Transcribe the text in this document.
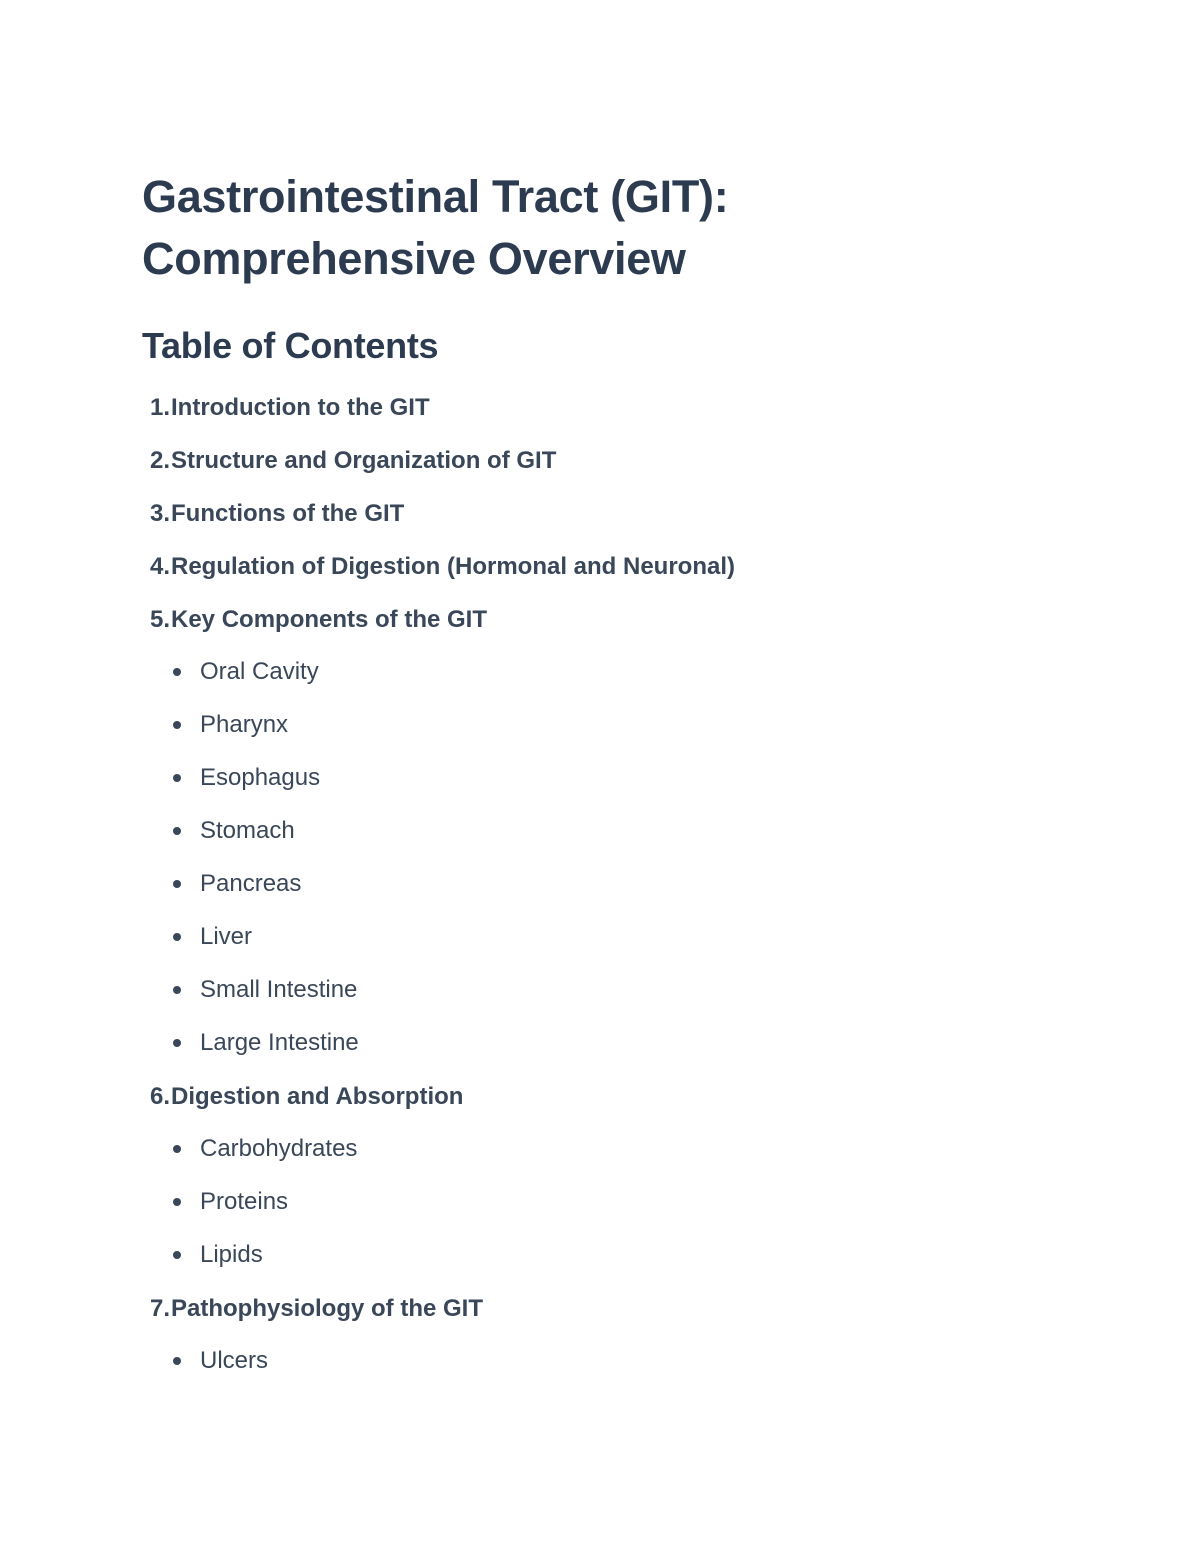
Gastrointestinal Tract (GIT):
Comprehensive Overview
Table of Contents
1. Introduction to the GIT
2. Structure and Organization of GIT
3. Functions of the GIT
4. Regulation of Digestion (Hormonal and Neuronal)
5. Key Components of the GIT
Oral Cavity
Pharynx
Esophagus
Stomach
Pancreas
Liver
Small Intestine
Large Intestine
6. Digestion and Absorption
Carbohydrates
Proteins
Lipids
7. Pathophysiology of the GIT
Ulcers
